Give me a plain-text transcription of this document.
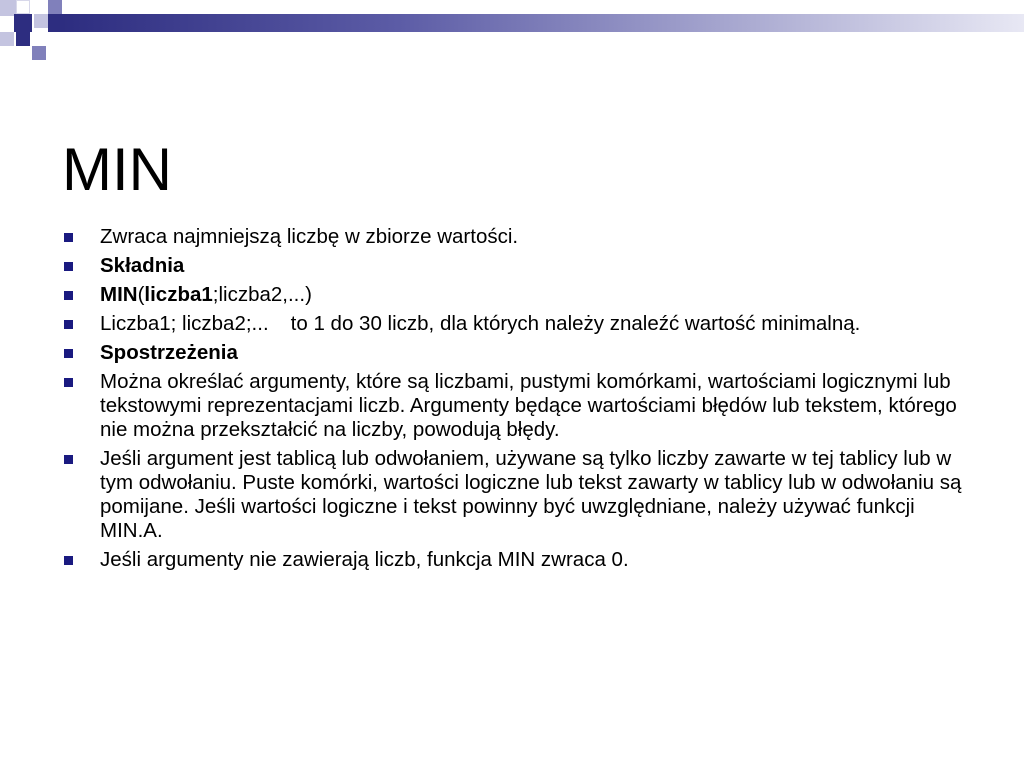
MIN
Zwraca najmniejszą liczbę w zbiorze wartości.
Składnia
MIN(liczba1;liczba2,...)
Liczba1; liczba2;... to 1 do 30 liczb, dla których należy znaleźć wartość minimalną.
Spostrzeżenia
Można określać argumenty, które są liczbami, pustymi komórkami, wartościami logicznymi lub tekstowymi reprezentacjami liczb. Argumenty będące wartościami błędów lub tekstem, którego nie można przekształcić na liczby, powodują błędy.
Jeśli argument jest tablicą lub odwołaniem, używane są tylko liczby zawarte w tej tablicy lub w tym odwołaniu. Puste komórki, wartości logiczne lub tekst zawarty w tablicy lub w odwołaniu są pomijane. Jeśli wartości logiczne i tekst powinny być uwzględniane, należy używać funkcji MIN.A.
Jeśli argumenty nie zawierają liczb, funkcja MIN zwraca 0.
